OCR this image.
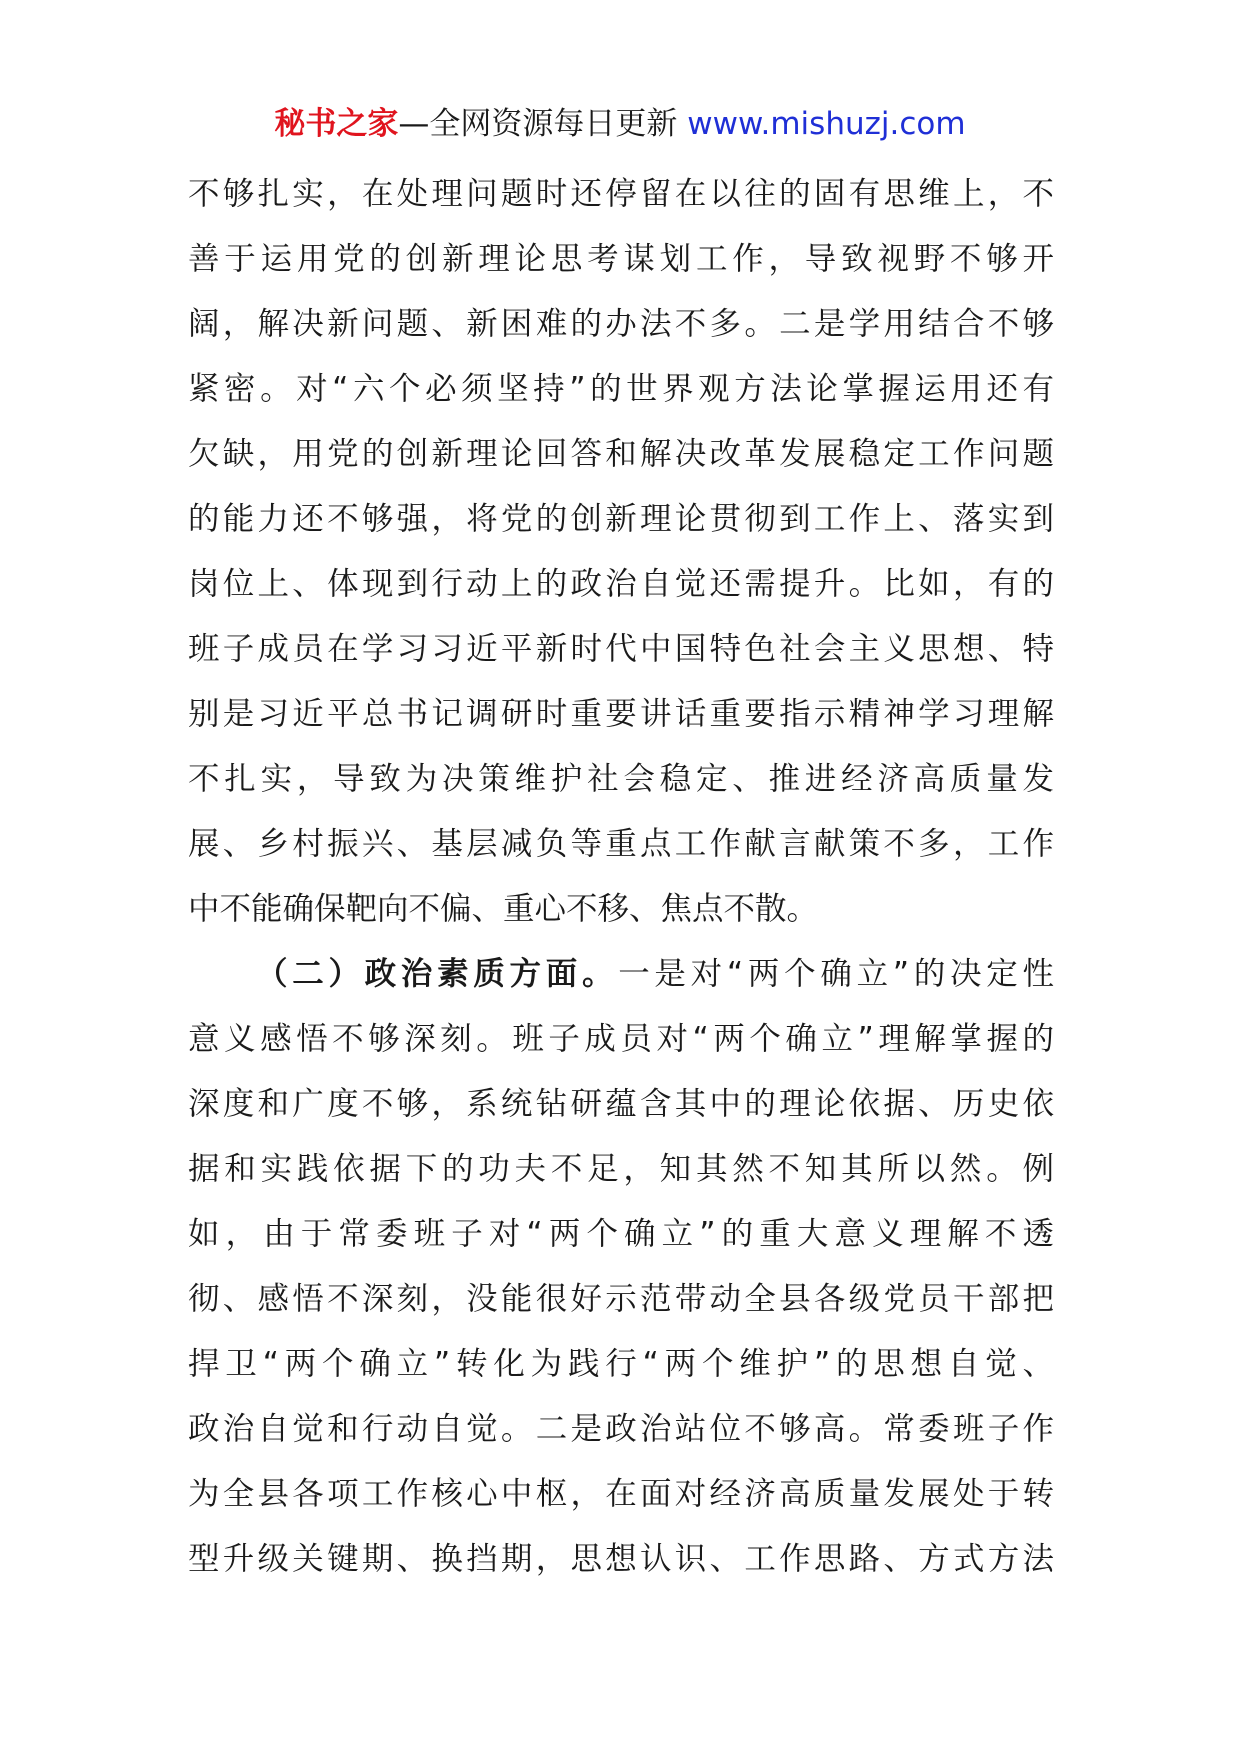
秘书之家—全网资源每日更新 www.mishuzj.com
不够扎实，在处理问题时还停留在以往的固有思维上，不
善于运用党的创新理论思考谋划工作，导致视野不够开
阔，解决新问题、新困难的办法不多。二是学用结合不够
紧密。对“六个必须坚持”的世界观方法论掌握运用还有
欠缺，用党的创新理论回答和解决改革发展稳定工作问题
的能力还不够强，将党的创新理论贯彻到工作上、落实到
岗位上、体现到行动上的政治自觉还需提升。比如，有的
班子成员在学习习近平新时代中国特色社会主义思想、特
别是习近平总书记调研时重要讲话重要指示精神学习理解
不扎实，导致为决策维护社会稳定、推进经济高质量发
展、乡村振兴、基层减负等重点工作献言献策不多，工作
中不能确保靶向不偏、重心不移、焦点不散。
（二）政治素质方面。一是对“两个确立”的决定性
意义感悟不够深刻。班子成员对“两个确立”理解掌握的
深度和广度不够，系统钻研蕴含其中的理论依据、历史依
据和实践依据下的功夫不足，知其然不知其所以然。例
如，由于常委班子对“两个确立”的重大意义理解不透
彻、感悟不深刻，没能很好示范带动全县各级党员干部把
捍卫“两个确立”转化为践行“两个维护”的思想自觉、
政治自觉和行动自觉。二是政治站位不够高。常委班子作
为全县各项工作核心中枢，在面对经济高质量发展处于转
型升级关键期、换挡期，思想认识、工作思路、方式方法
